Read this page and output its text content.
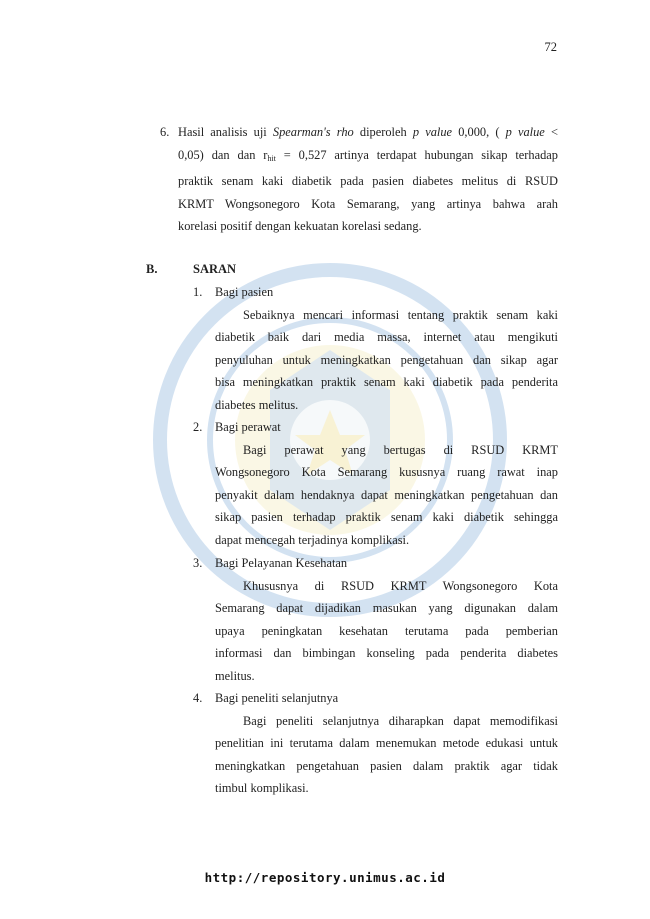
72
6. Hasil analisis uji Spearman's rho diperoleh p value 0,000, ( p value <
0,05) dan dan $r_{hit} = 0,527$ artinya terdapat hubungan sikap terhadap
praktik senam kaki diabetik pada pasien diabetes melitus di RSUD
KRMT Wongsonegoro Kota Semarang, yang artinya bahwa arah
korelasi positif dengan kekuatan korelasi sedang.
B.	SARAN
1. Bagi pasien
Sebaiknya mencari informasi tentang praktik senam kaki
diabetik baik dari media massa, internet atau mengikuti
penyuluhan untuk meningkatkan pengetahuan dan sikap agar
bisa meningkatkan praktik senam kaki diabetik pada penderita
diabetes melitus.
2. Bagi perawat
Bagi perawat yang bertugas di RSUD KRMT
Wongsonegoro Kota Semarang kususnya ruang rawat inap
penyakit dalam hendaknya dapat meningkatkan pengetahuan dan
sikap pasien terhadap praktik senam kaki diabetik sehingga
dapat mencegah terjadinya komplikasi.
3. Bagi Pelayanan Kesehatan
Khususnya di RSUD KRMT Wongsonegoro Kota
Semarang dapat dijadikan masukan yang digunakan dalam
upaya peningkatan kesehatan terutama pada pemberian
informasi dan bimbingan konseling pada penderita diabetes
melitus.
4. Bagi peneliti selanjutnya
Bagi peneliti selanjutnya diharapkan dapat memodifikasi
penelitian ini terutama dalam menemukan metode edukasi untuk
meningkatkan pengetahuan pasien dalam praktik agar tidak
timbul komplikasi.
http://repository.unimus.ac.id
